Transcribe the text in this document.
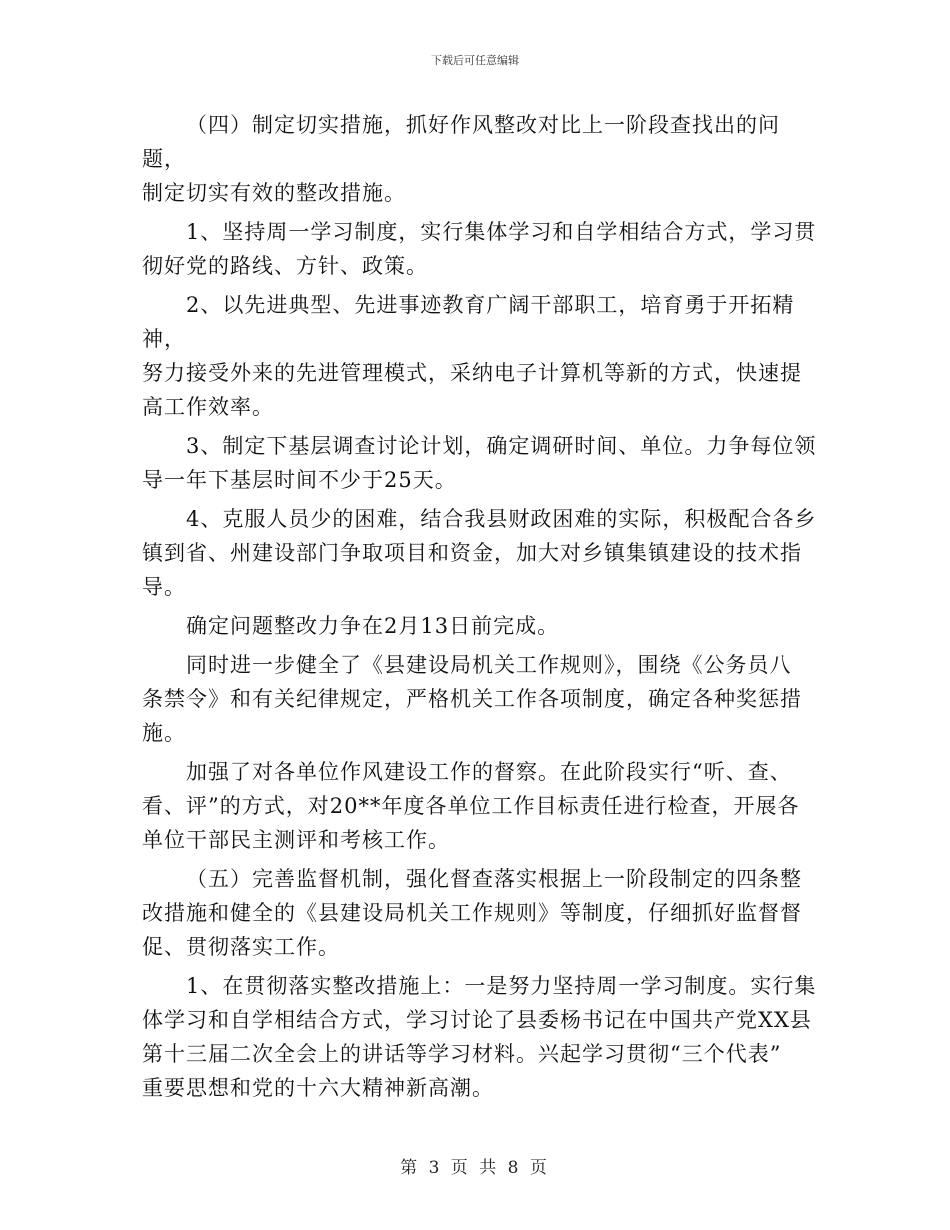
下载后可任意编辑

（四）制定切实措施，抓好作风整改对比上一阶段查找出的问题，
制定切实有效的整改措施。

1、坚持周一学习制度，实行集体学习和自学相结合方式，学习贯
彻好党的路线、方针、政策。

2、以先进典型、先进事迹教育广阔干部职工，培育勇于开拓精神，
努力接受外来的先进管理模式，采纳电子计算机等新的方式，快速提
高工作效率。

3、制定下基层调查讨论计划，确定调研时间、单位。力争每位领
导一年下基层时间不少于25天。

4、克服人员少的困难，结合我县财政困难的实际，积极配合各乡
镇到省、州建设部门争取项目和资金，加大对乡镇集镇建设的技术指
导。

确定问题整改力争在2月13日前完成。

同时进一步健全了《县建设局机关工作规则》，围绕《公务员八
条禁令》和有关纪律规定，严格机关工作各项制度，确定各种奖惩措
施。

加强了对各单位作风建设工作的督察。在此阶段实行“听、查、
看、评”的方式，对20**年度各单位工作目标责任进行检查，开展各
单位干部民主测评和考核工作。

（五）完善监督机制，强化督查落实根据上一阶段制定的四条整
改措施和健全的《县建设局机关工作规则》等制度，仔细抓好监督督
促、贯彻落实工作。

1、在贯彻落实整改措施上：一是努力坚持周一学习制度。实行集
体学习和自学相结合方式，学习讨论了县委杨书记在中国共产党XX县
第十三届二次全会上的讲话等学习材料。兴起学习贯彻“三个代表”
重要思想和党的十六大精神新高潮。

第 3 页 共 8 页
